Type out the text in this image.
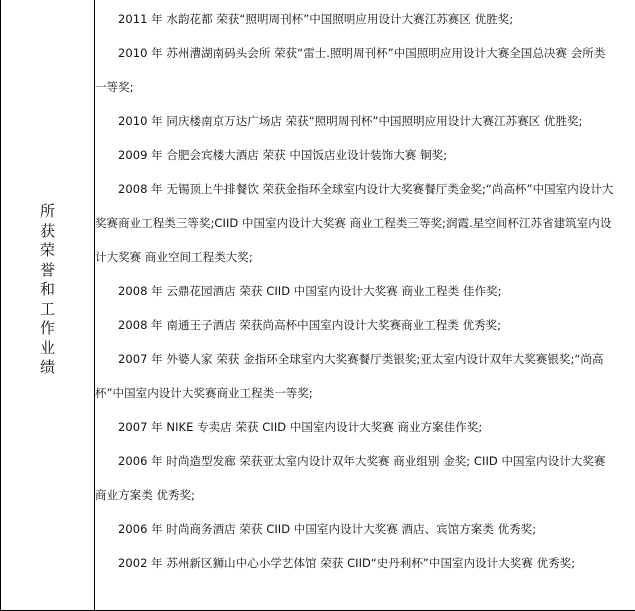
所
获
荣
誉
和
工
作
业
绩
2011 年 水韵花都 荣获“照明周刊杯”中国照明应用设计大赛江苏赛区 优胜奖;
2010 年 苏州漕湖南码头会所 荣获“雷士.照明周刊杯”中国照明应用设计大赛全国总决赛 会所类
一等奖;
2010 年 同庆楼南京万达广场店 荣获“照明周刊杯”中国照明应用设计大赛江苏赛区 优胜奖;
2009 年 合肥会宾楼大酒店 荣获 中国饭店业设计装饰大赛 铜奖;
2008 年 无锡顶上牛排餐饮 荣获金指环全球室内设计大奖赛餐厅类金奖;“尚高杯”中国室内设计大
奖赛商业工程类三等奖;CIID 中国室内设计大奖赛 商业工程类三等奖;润霞.星空间杯江苏省建筑室内设
计大奖赛 商业空间工程类大奖;
2008 年 云鼎花园酒店 荣获 CIID 中国室内设计大奖赛 商业工程类 佳作奖;
2008 年 南通王子酒店 荣获尚高杯中国室内设计大奖赛商业工程类 优秀奖;
2007 年 外婆人家 荣获 金指环全球室内大奖赛餐厅类银奖;亚太室内设计双年大奖赛银奖;“尚高
杯”中国室内设计大奖赛商业工程类一等奖;
2007 年 NIKE 专卖店 荣获 CIID 中国室内设计大奖赛 商业方案佳作奖;
2006 年 时尚造型发廊 荣获亚太室内设计双年大奖赛 商业组别 金奖; CIID 中国室内设计大奖赛
商业方案类 优秀奖;
2006 年 时尚商务酒店 荣获 CIID 中国室内设计大奖赛 酒店、宾馆方案类 优秀奖;
2002 年 苏州新区狮山中心小学艺体馆 荣获 CIID“史丹利杯”中国室内设计大奖赛 优秀奖;
